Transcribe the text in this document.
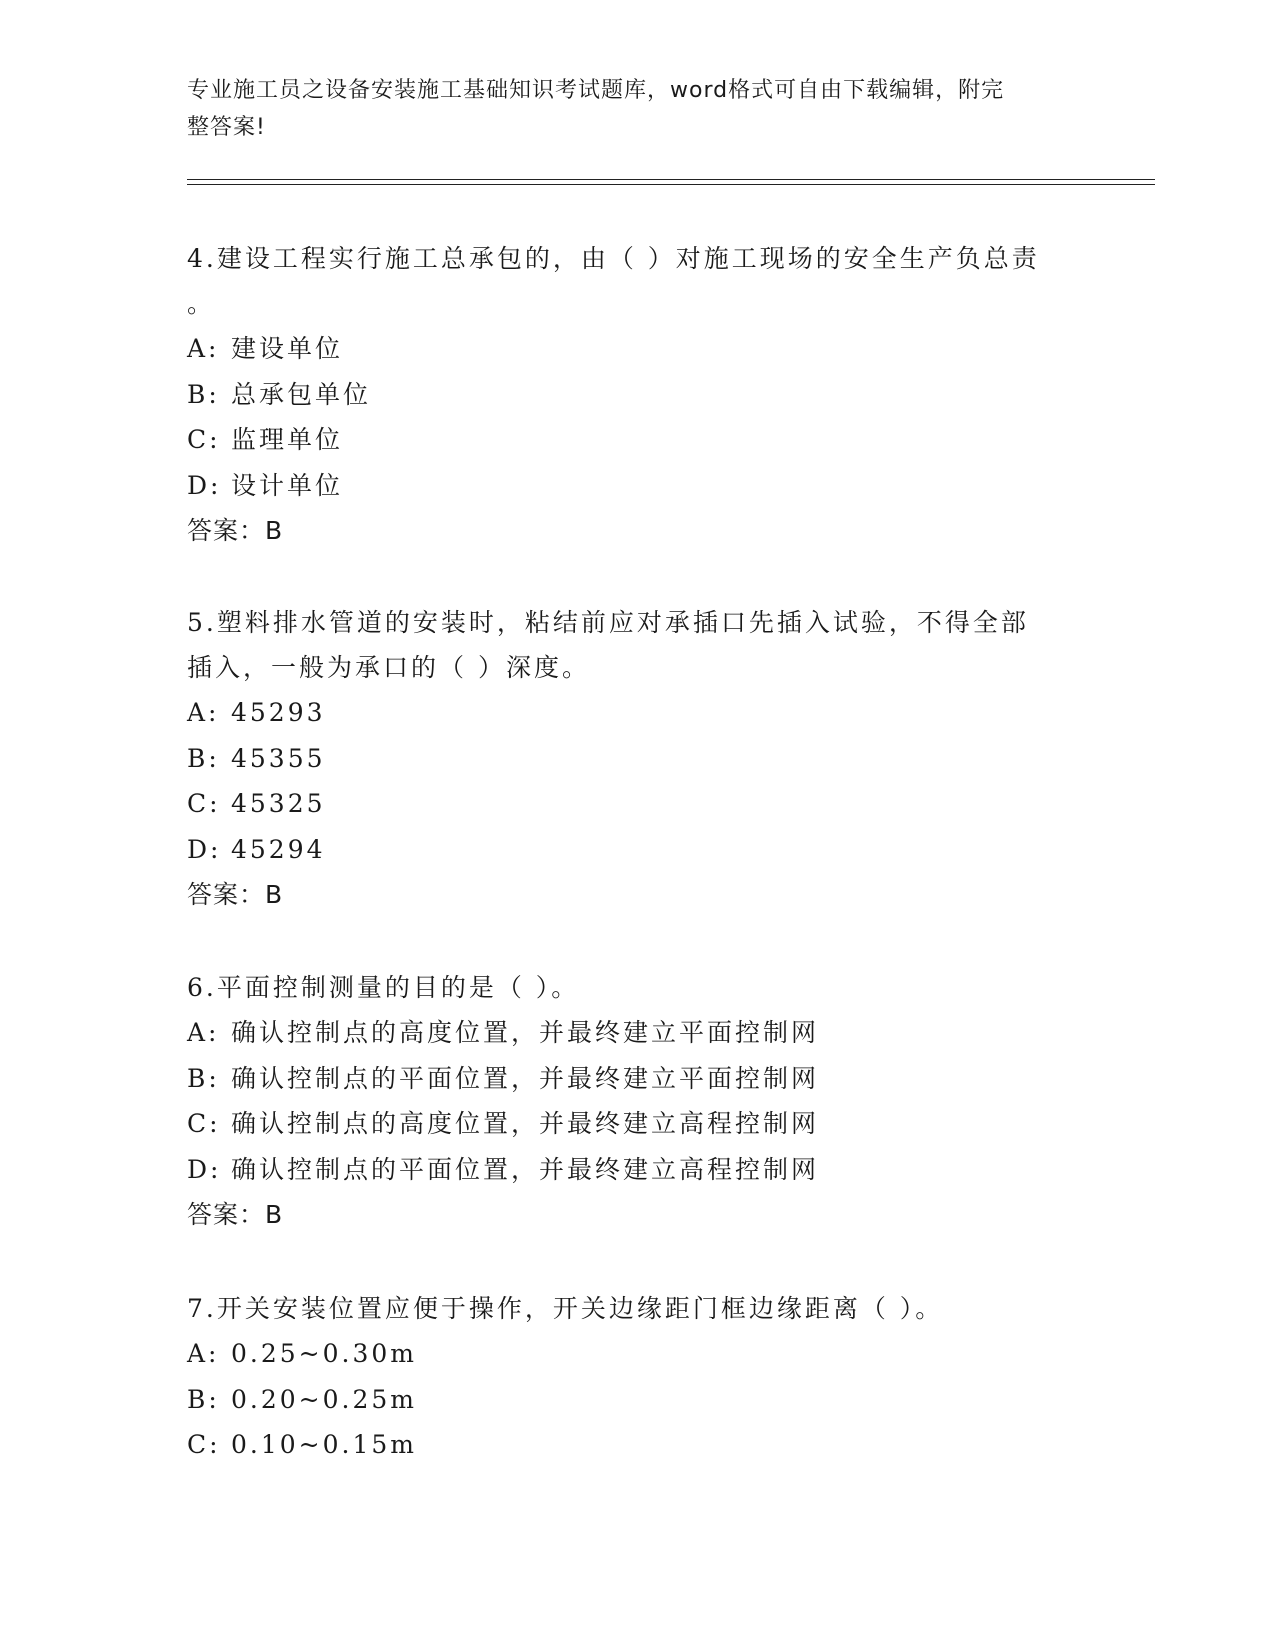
专业施工员之设备安装施工基础知识考试题库，word格式可自由下载编辑，附完
整答案!
4.建设工程实行施工总承包的，由（ ）对施工现场的安全生产负总责
。
A: 建设单位
B: 总承包单位
C: 监理单位
D: 设计单位
答案：B
5.塑料排水管道的安装时，粘结前应对承插口先插入试验，不得全部
插入，一般为承口的（ ）深度。
A: 45293
B: 45355
C: 45325
D: 45294
答案：B
6.平面控制测量的目的是（ ）。
A: 确认控制点的高度位置，并最终建立平面控制网
B: 确认控制点的平面位置，并最终建立平面控制网
C: 确认控制点的高度位置，并最终建立高程控制网
D: 确认控制点的平面位置，并最终建立高程控制网
答案：B
7.开关安装位置应便于操作，开关边缘距门框边缘距离（ ）。
A: 0.25~0.30m
B: 0.20~0.25m
C: 0.10~0.15m
